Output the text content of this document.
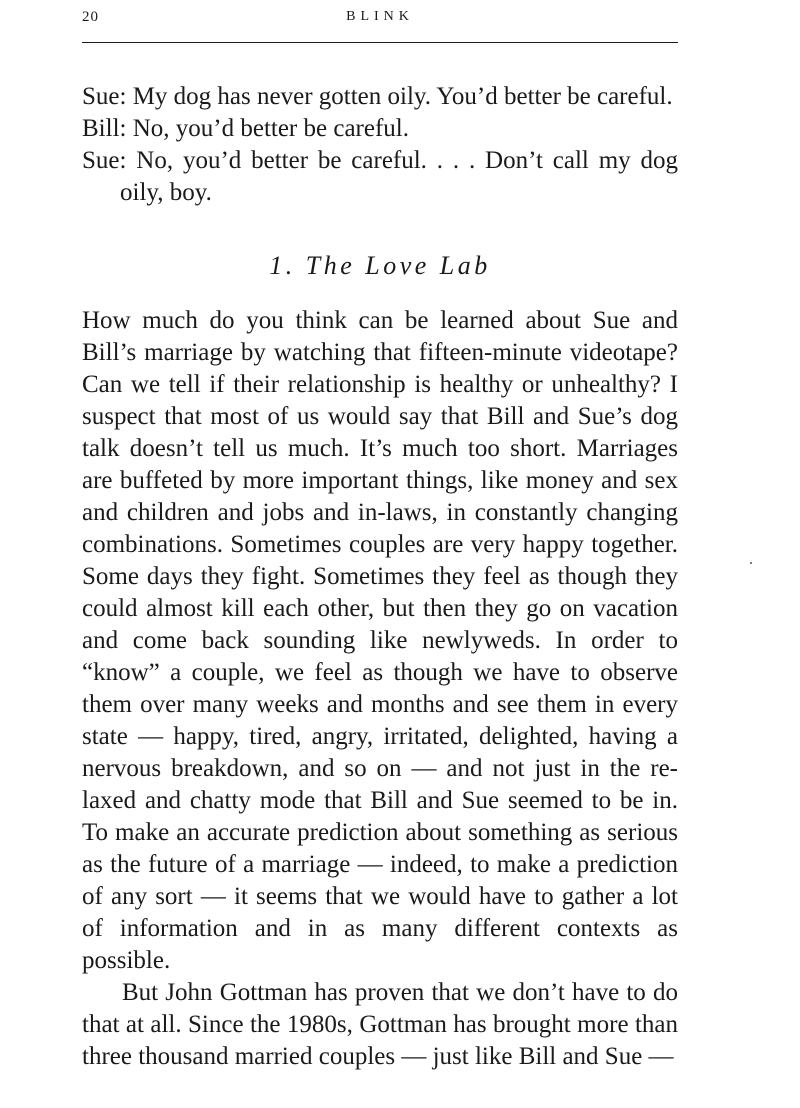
20	BLINK
Sue: My dog has never gotten oily. You’d better be careful.
Bill: No, you’d better be careful.
Sue: No, you’d better be careful. . . . Don’t call my dog oily, boy.
1. The Love Lab

How much do you think can be learned about Sue and Bill’s marriage by watching that fifteen-minute videotape? Can we tell if their relationship is healthy or unhealthy? I suspect that most of us would say that Bill and Sue’s dog talk doesn’t tell us much. It’s much too short. Marriages are buffeted by more important things, like money and sex and children and jobs and in-laws, in constantly changing combinations. Sometimes couples are very happy together. Some days they fight. Sometimes they feel as though they could almost kill each other, but then they go on vacation and come back sounding like newlyweds. In order to “know” a couple, we feel as though we have to observe them over many weeks and months and see them in every state — happy, tired, angry, irritated, delighted, having a nervous breakdown, and so on — and not just in the relaxed and chatty mode that Bill and Sue seemed to be in. To make an accurate prediction about something as serious as the future of a marriage — indeed, to make a prediction of any sort — it seems that we would have to gather a lot of information and in as many different contexts as possible.

But John Gottman has proven that we don’t have to do that at all. Since the 1980s, Gottman has brought more than three thousand married couples — just like Bill and Sue —
